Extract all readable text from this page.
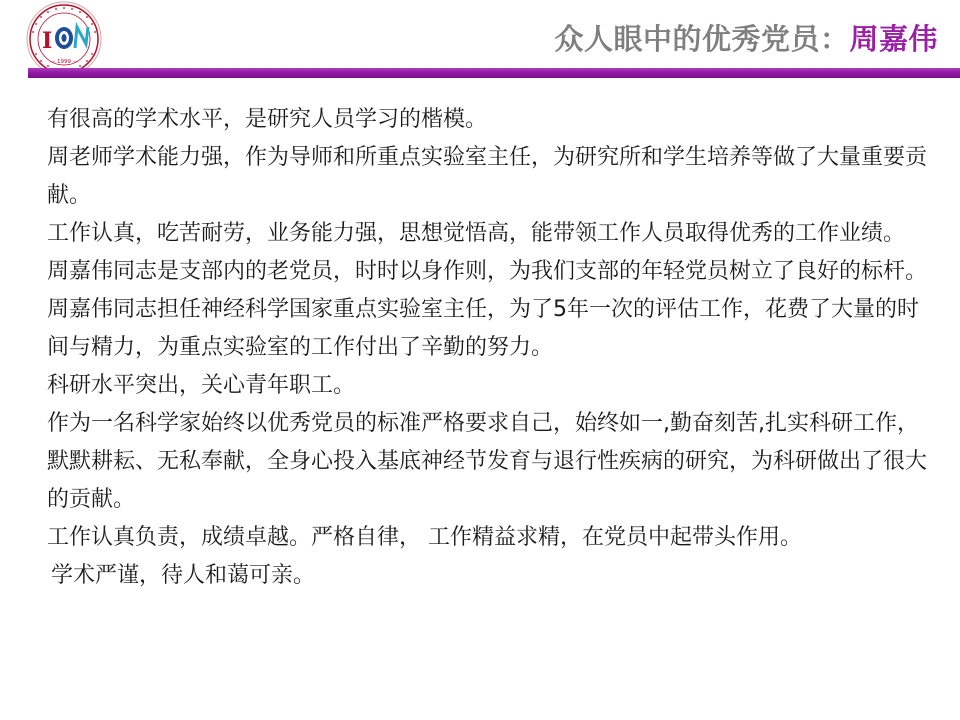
I
— 1999 —
众人眼中的优秀党员：周嘉伟

有很高的学术水平，是研究人员学习的楷模。

周老师学术能力强，作为导师和所重点实验室主任，为研究所和学生培养等做了大量重要贡献。

工作认真，吃苦耐劳，业务能力强，思想觉悟高，能带领工作人员取得优秀的工作业绩。

周嘉伟同志是支部内的老党员，时时以身作则，为我们支部的年轻党员树立了良好的标杆。周嘉伟同志担任神经科学国家重点实验室主任，为了5年一次的评估工作，花费了大量的时间与精力，为重点实验室的工作付出了辛勤的努力。

科研水平突出，关心青年职工。

作为一名科学家始终以优秀党员的标准严格要求自己，始终如一,勤奋刻苦,扎实科研工作，默默耕耘、无私奉献，全身心投入基底神经节发育与退行性疾病的研究，为科研做出了很大的贡献。

工作认真负责，成绩卓越。严格自律， 工作精益求精，在党员中起带头作用。

学术严谨，待人和蔼可亲。
